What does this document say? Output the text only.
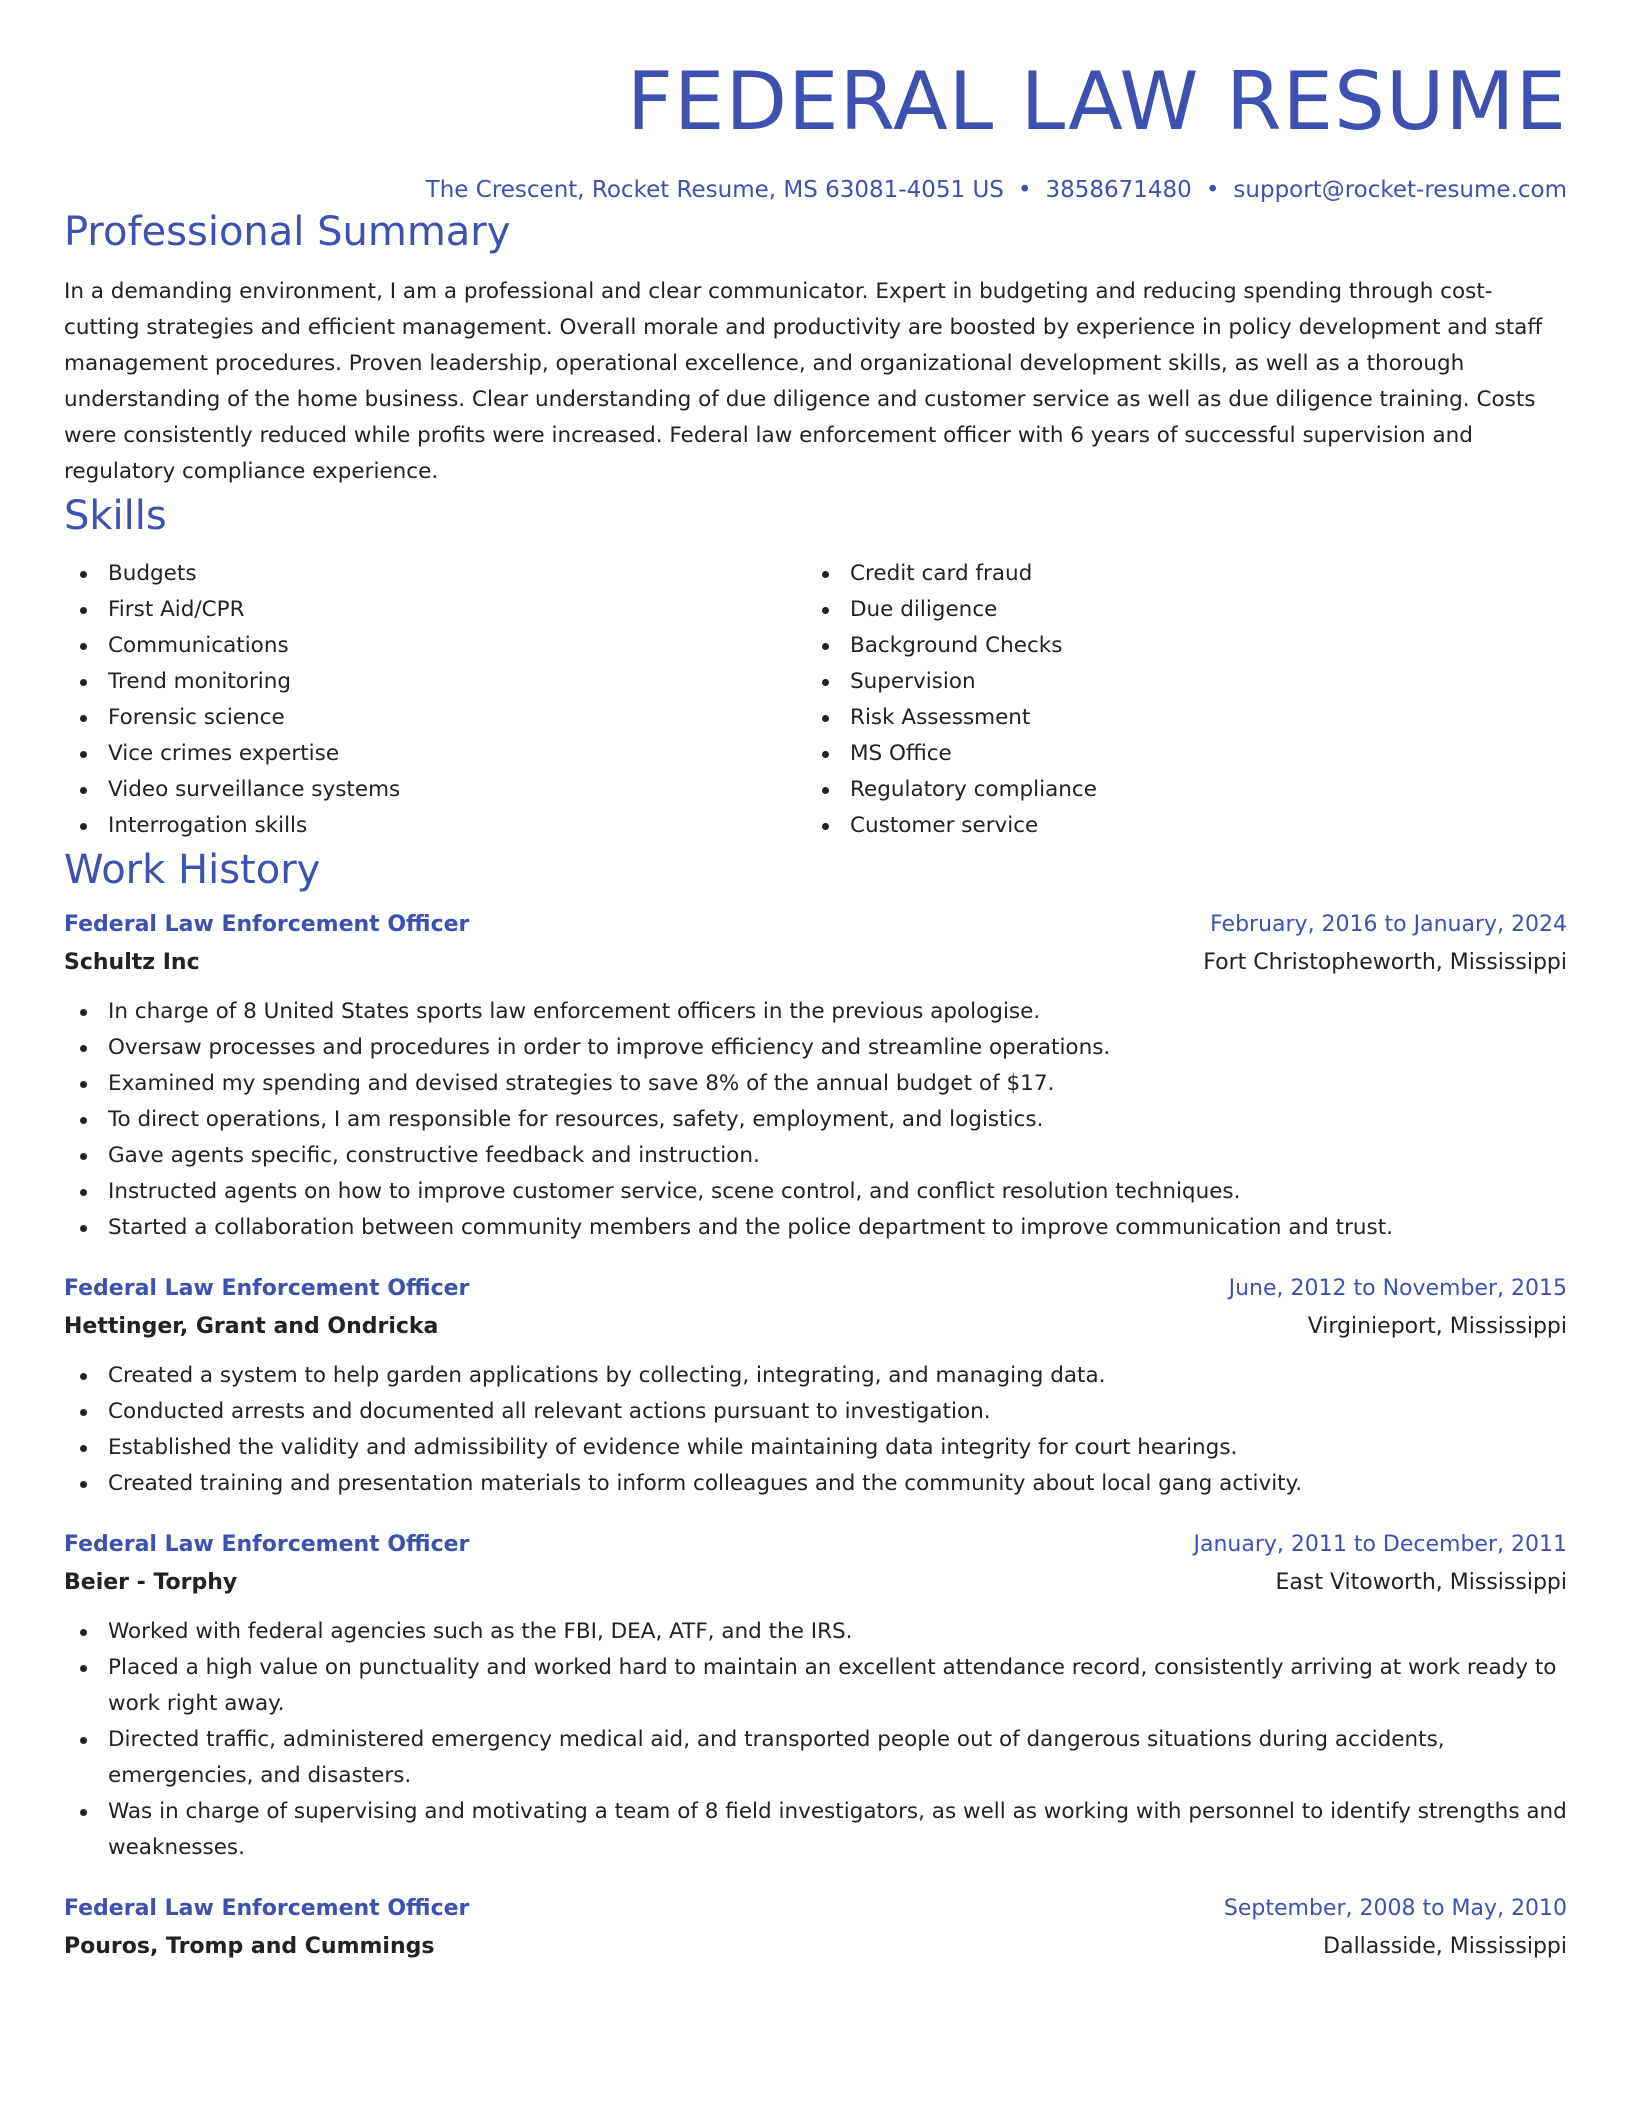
FEDERAL LAW RESUME
The Crescent, Rocket Resume, MS 63081-4051 US • 3858671480 • support@rocket-resume.com
Professional Summary
In a demanding environment, I am a professional and clear communicator. Expert in budgeting and reducing spending through cost-cutting strategies and efficient management. Overall morale and productivity are boosted by experience in policy development and staff management procedures. Proven leadership, operational excellence, and organizational development skills, as well as a thorough understanding of the home business. Clear understanding of due diligence and customer service as well as due diligence training. Costs were consistently reduced while profits were increased. Federal law enforcement officer with 6 years of successful supervision and regulatory compliance experience.
Skills
Budgets
First Aid/CPR
Communications
Trend monitoring
Forensic science
Vice crimes expertise
Video surveillance systems
Interrogation skills
Credit card fraud
Due diligence
Background Checks
Supervision
Risk Assessment
MS Office
Regulatory compliance
Customer service
Work History
Federal Law Enforcement Officer	February, 2016 to January, 2024
Schultz Inc	Fort Christopheworth, Mississippi
In charge of 8 United States sports law enforcement officers in the previous apologise.
Oversaw processes and procedures in order to improve efficiency and streamline operations.
Examined my spending and devised strategies to save 8% of the annual budget of $17.
To direct operations, I am responsible for resources, safety, employment, and logistics.
Gave agents specific, constructive feedback and instruction.
Instructed agents on how to improve customer service, scene control, and conflict resolution techniques.
Started a collaboration between community members and the police department to improve communication and trust.
Federal Law Enforcement Officer	June, 2012 to November, 2015
Hettinger, Grant and Ondricka	Virginieport, Mississippi
Created a system to help garden applications by collecting, integrating, and managing data.
Conducted arrests and documented all relevant actions pursuant to investigation.
Established the validity and admissibility of evidence while maintaining data integrity for court hearings.
Created training and presentation materials to inform colleagues and the community about local gang activity.
Federal Law Enforcement Officer	January, 2011 to December, 2011
Beier - Torphy	East Vitoworth, Mississippi
Worked with federal agencies such as the FBI, DEA, ATF, and the IRS.
Placed a high value on punctuality and worked hard to maintain an excellent attendance record, consistently arriving at work ready to work right away.
Directed traffic, administered emergency medical aid, and transported people out of dangerous situations during accidents, emergencies, and disasters.
Was in charge of supervising and motivating a team of 8 field investigators, as well as working with personnel to identify strengths and weaknesses.
Federal Law Enforcement Officer	September, 2008 to May, 2010
Pouros, Tromp and Cummings	Dallasside, Mississippi
